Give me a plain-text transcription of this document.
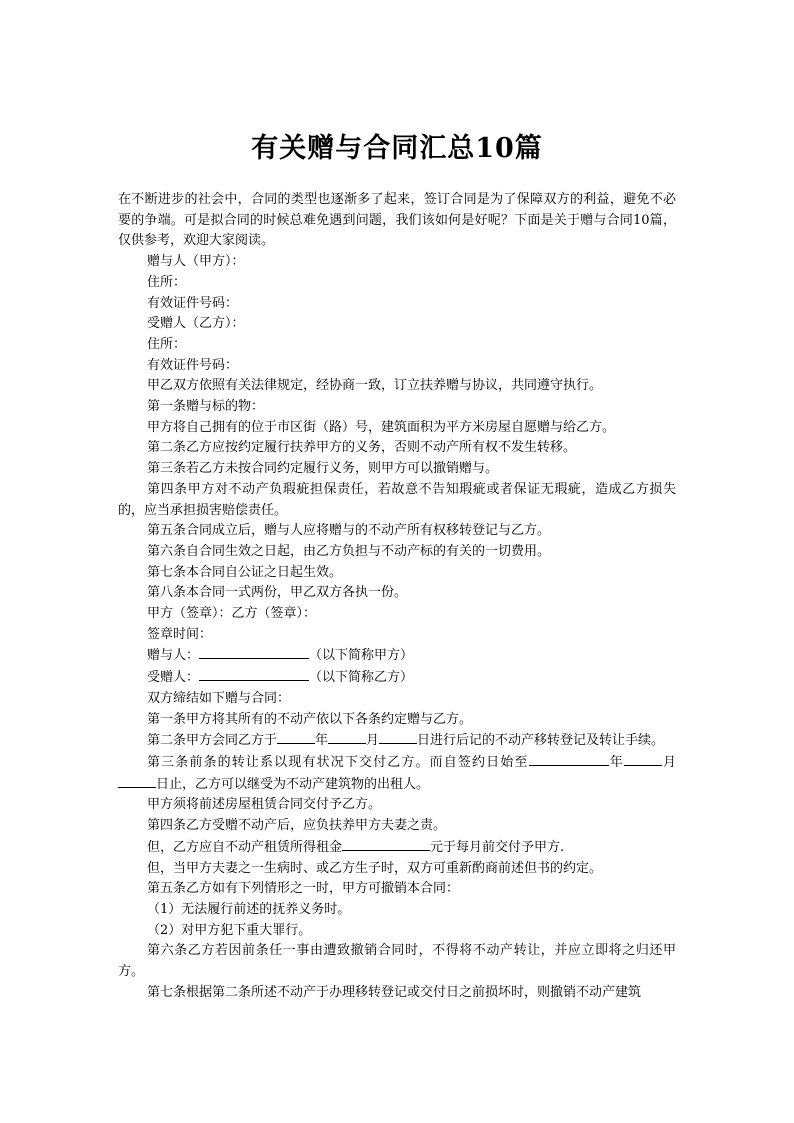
有关赠与合同汇总10篇

在不断进步的社会中，合同的类型也逐渐多了起来，签订合同是为了保障双方的利益，避免不必要的争端。可是拟合同的时候总难免遇到问题，我们该如何是好呢？下面是关于赠与合同10篇，仅供参考，欢迎大家阅读。

赠与人（甲方）：

住所：

有效证件号码：

受赠人（乙方）：

住所：

有效证件号码：

甲乙双方依照有关法律规定，经协商一致，订立扶养赠与协议，共同遵守执行。

第一条赠与标的物：

甲方将自己拥有的位于市区街（路）号，建筑面积为平方米房屋自愿赠与给乙方。

第二条乙方应按约定履行扶养甲方的义务，否则不动产所有权不发生转移。

第三条若乙方未按合同约定履行义务，则甲方可以撤销赠与。

第四条甲方对不动产负瑕疵担保责任，若故意不告知瑕疵或者保证无瑕疵，造成乙方损失的，应当承担损害赔偿责任。

第五条合同成立后，赠与人应将赠与的不动产所有权移转登记与乙方。

第六条自合同生效之日起，由乙方负担与不动产标的有关的一切费用。

第七条本合同自公证之日起生效。

第八条本合同一式两份，甲乙双方各执一份。

甲方（签章）：乙方（签章）：

签章时间：

赠与人：	（以下简称甲方）

受赠人：	（以下简称乙方）

双方缔结如下赠与合同：

第一条甲方将其所有的不动产依以下各条约定赠与乙方。

第二条甲方会同乙方于	年	月	日进行后记的不动产移转登记及转让手续。

第三条前条的转让系以现有状况下交付乙方。而自签约日始至	年	月日止，乙方可以继受为不动产建筑物的出租人。

甲方须将前述房屋租赁合同交付予乙方。

第四条乙方受赠不动产后，应负扶养甲方夫妻之责。

但，乙方应自不动产租赁所得租金	元于每月前交付予甲方.

但，当甲方夫妻之一生病时、或乙方生子时，双方可重新酌商前述但书的约定。

第五条乙方如有下列情形之一时，甲方可撤销本合同：

（1）无法履行前述的抚养义务时。

（2）对甲方犯下重大罪行。

第六条乙方若因前条任一事由遭致撤销合同时，不得将不动产转让，并应立即将之归还甲方。

第七条根据第二条所述不动产于办理移转登记或交付日之前损坏时，则撤销不动产建筑
